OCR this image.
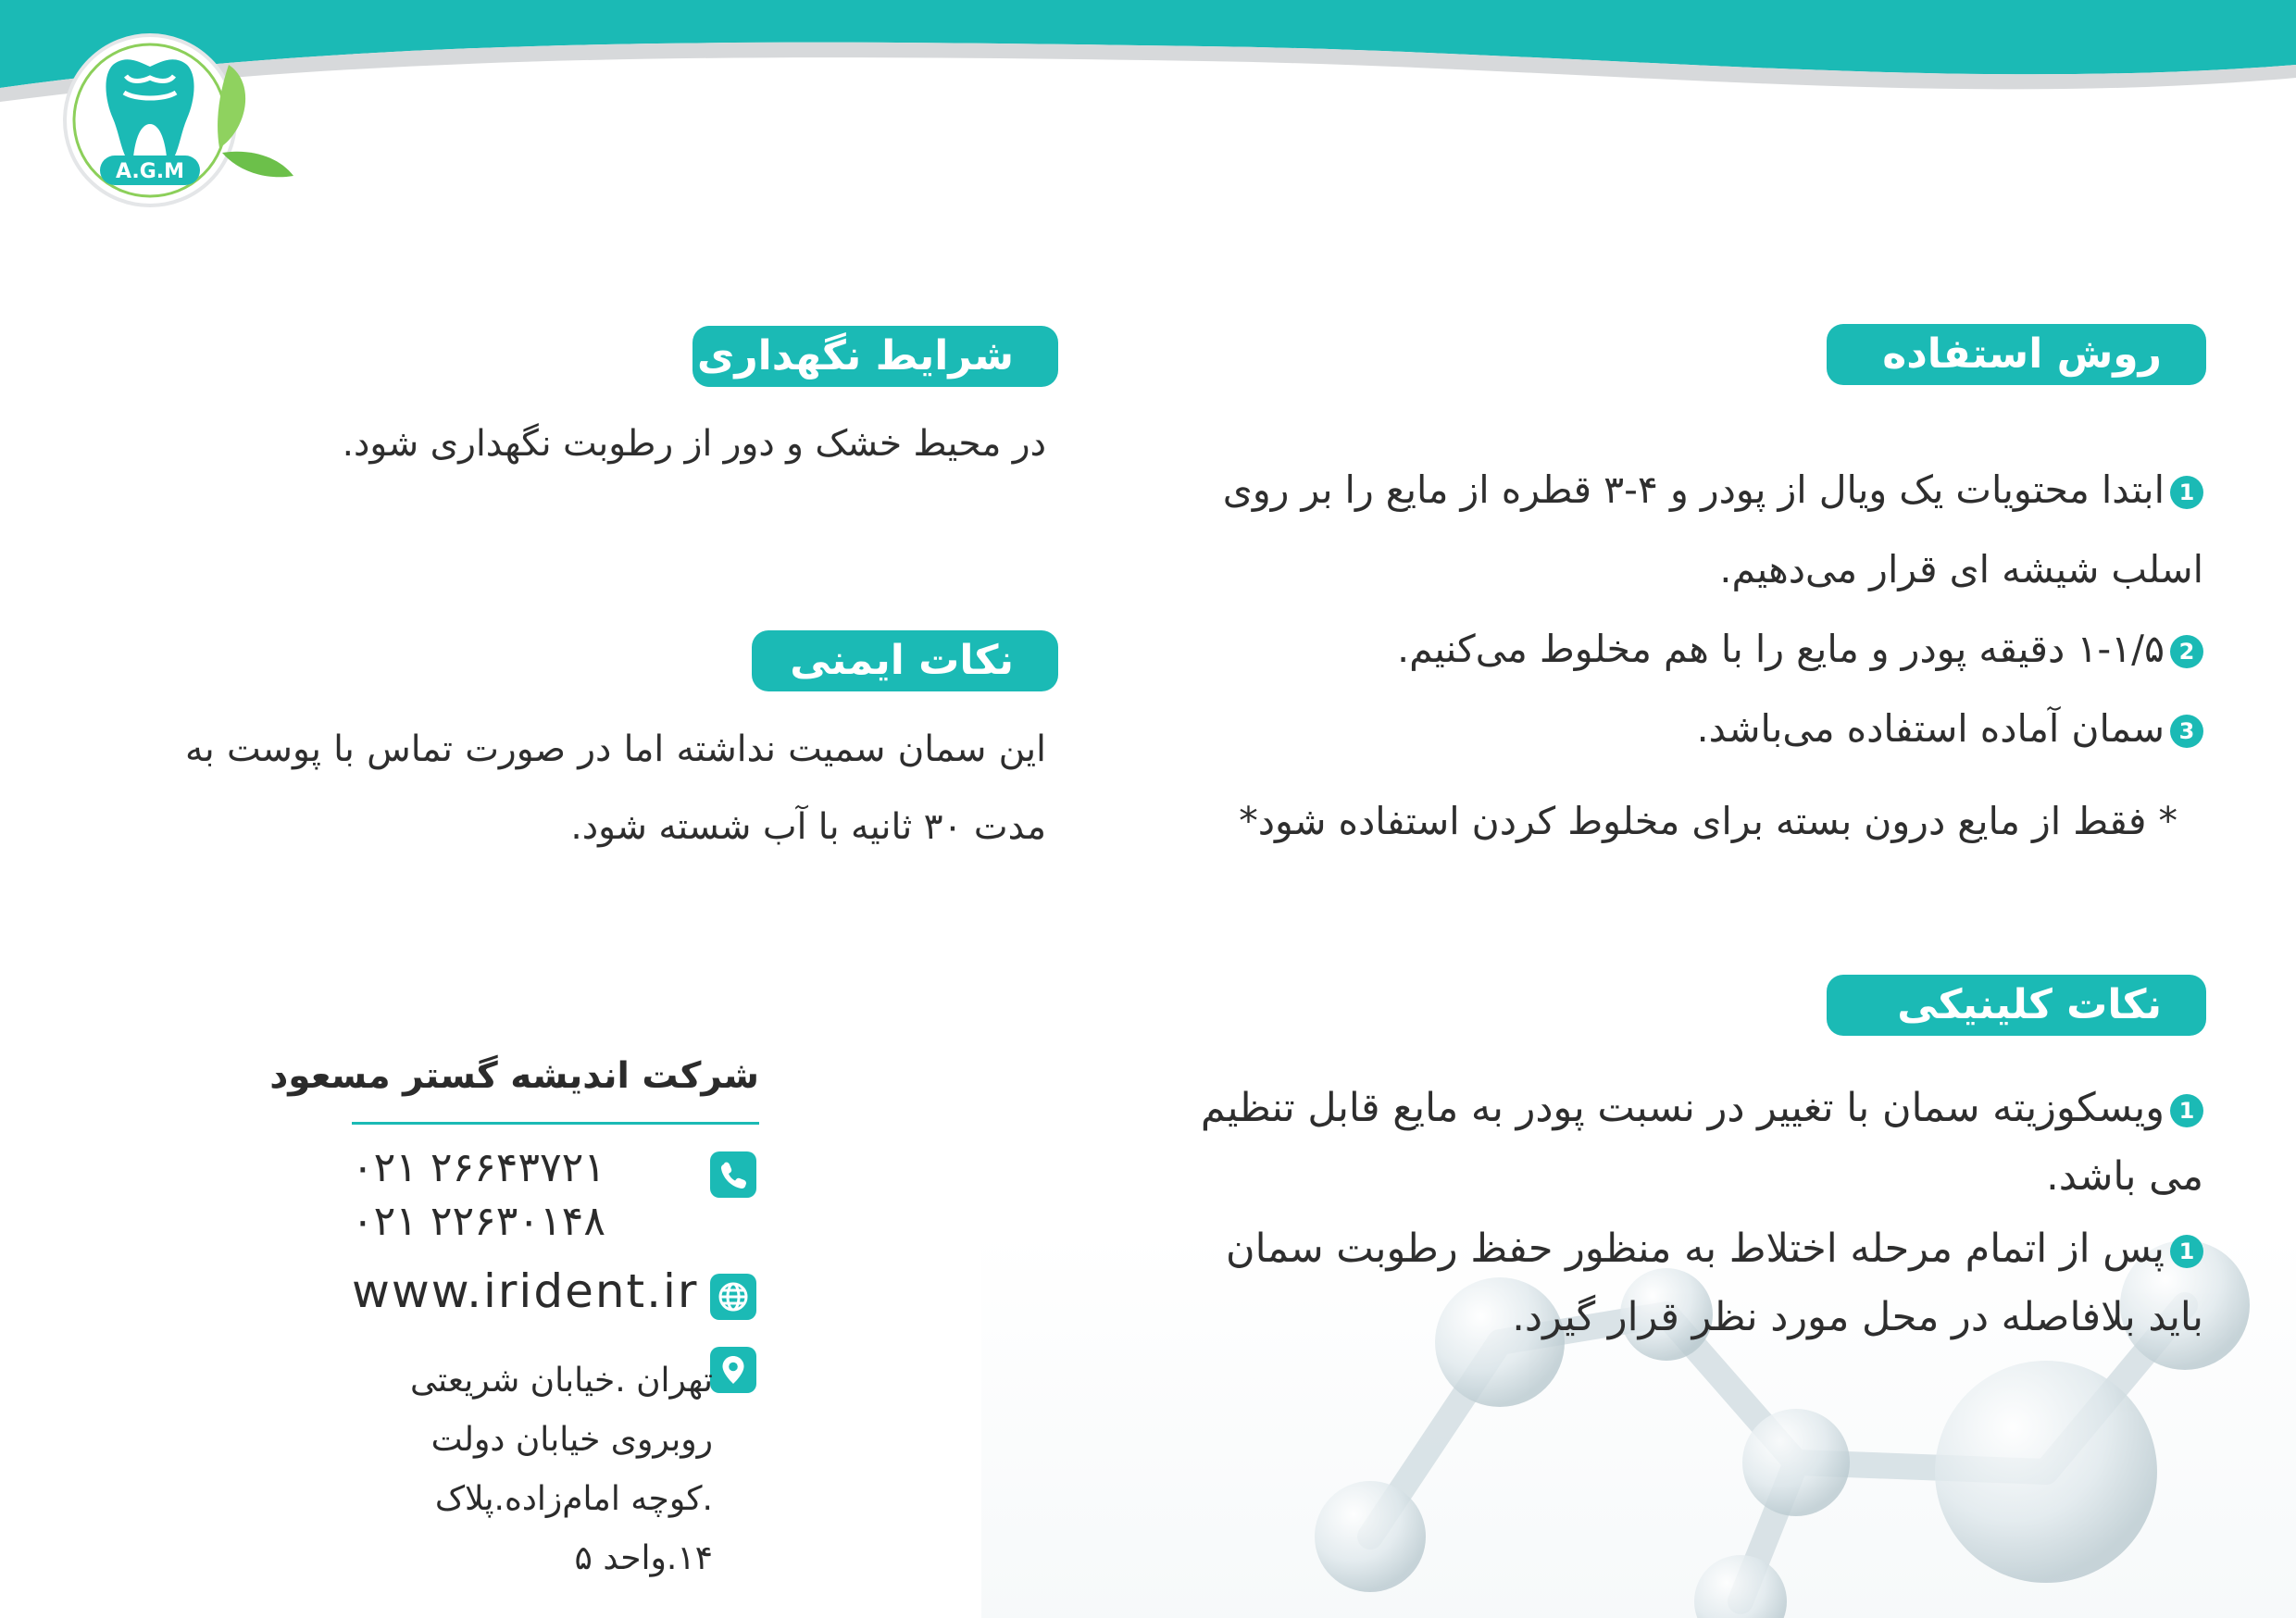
A.G.M
روش استفاده
1ابتدا محتویات یک ویال از پودر و ۴-۳ قطره از مایع را بر روی اسلب شیشه ای قرار می‌دهیم.
2۱-۱/۵ دقیقه پودر و مایع را با هم مخلوط می‌کنیم.
3سمان آماده استفاده می‌باشد.
* فقط از مایع درون بسته برای مخلوط کردن استفاده شود*
نکات کلینیکی
1ویسکوزیته سمان با تغییر در نسبت پودر به مایع قابل تنظیم می باشد.
1پس از اتمام مرحله اختلاط به منظور حفظ رطوبت سمان باید بلافاصله در محل مورد نظر قرار گیرد.
شرایط نگهداری
در محیط خشک و دور از رطوبت نگهداری شود.
نکات ایمنی
این سمان سمیت نداشته اما در صورت تماس با پوست به مدت ۳۰ ثانیه با آب شسته شود.
شرکت اندیشه گستر مسعود
۰۲۱ ۲۶۶۴۳۷۲۱
۰۲۱ ۲۲۶۳۰۱۴۸
www.irident.ir
تهران .خیابان شریعتی روبروی خیابان دولت .کوچه امام‌زاده.پلاک ۱۴.واحد ۵
